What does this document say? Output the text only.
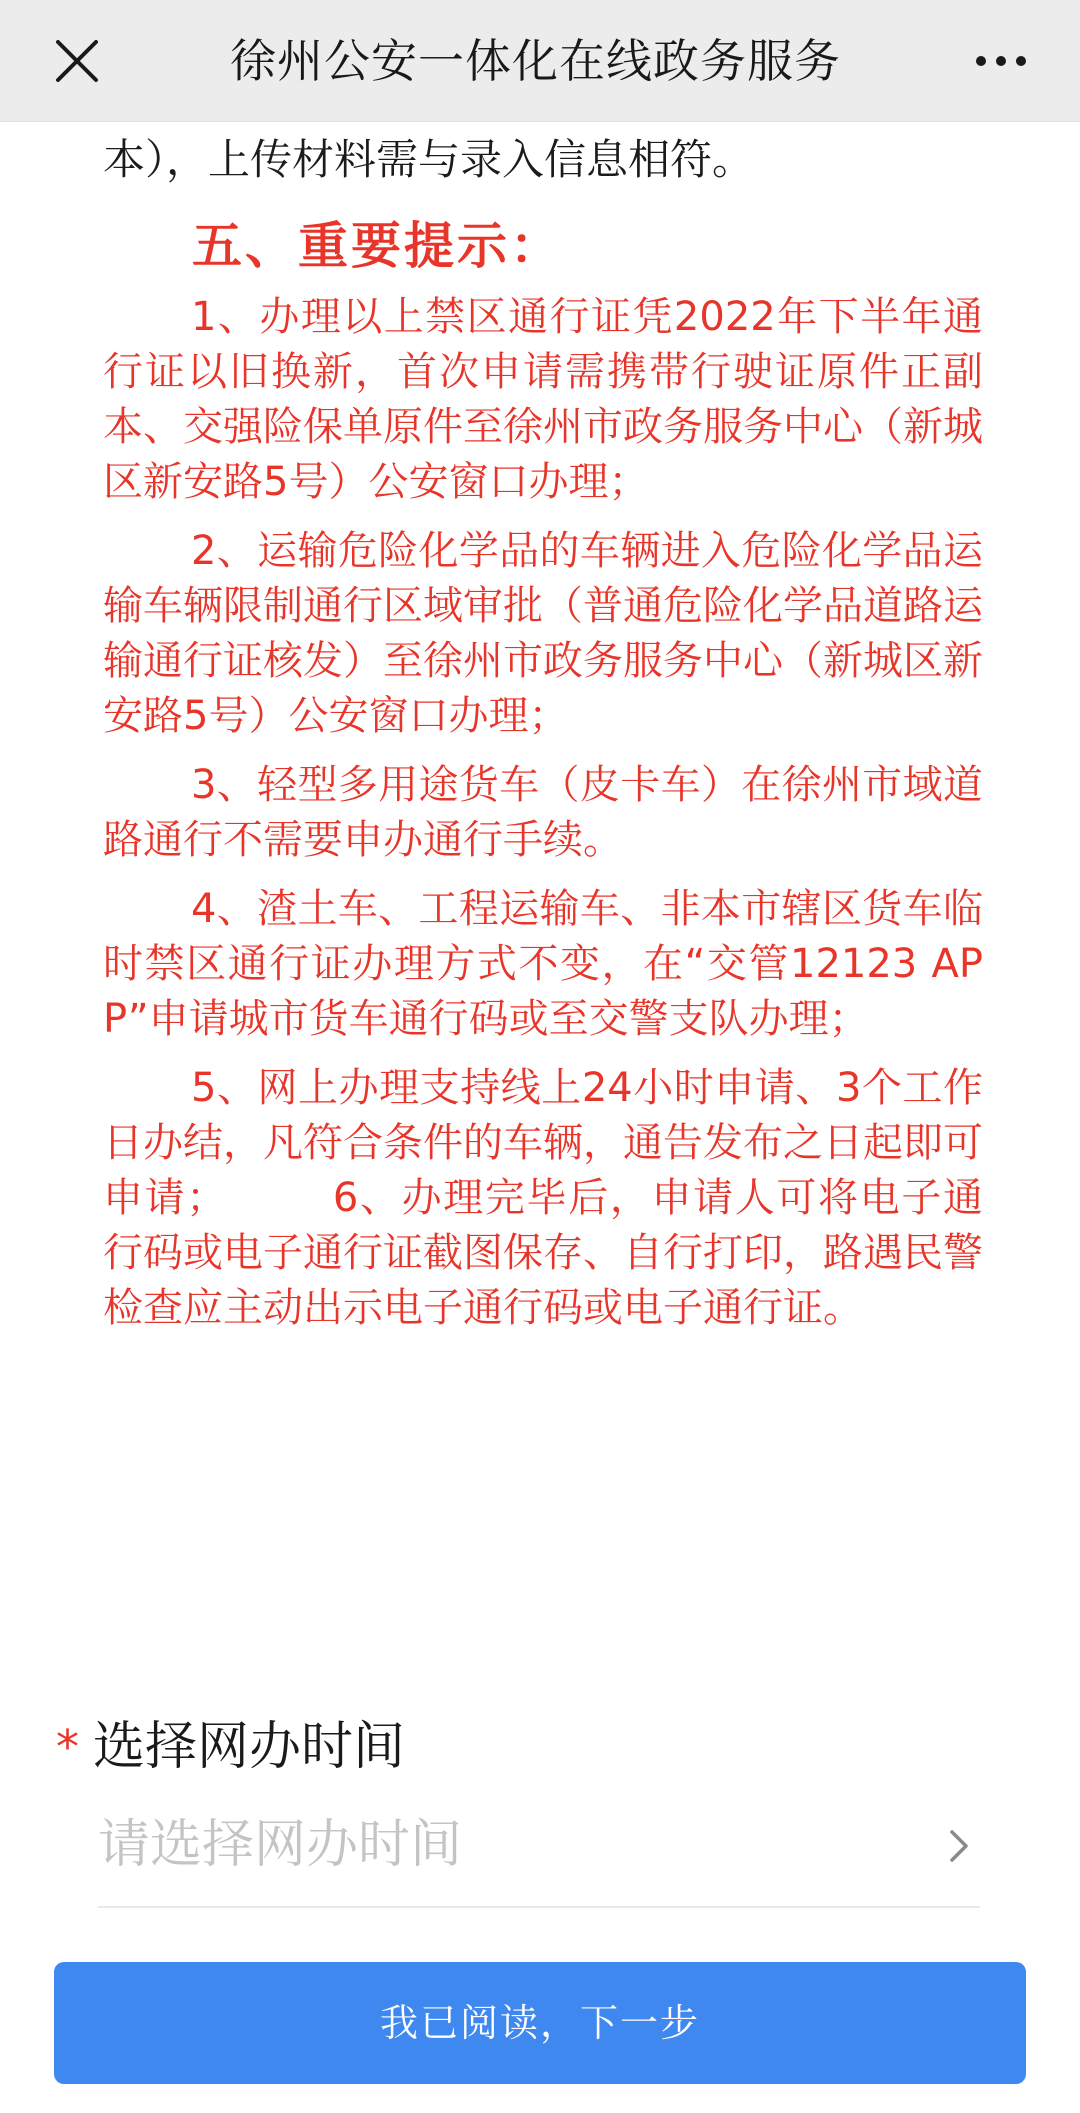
徐州公安一体化在线政务服务
本），上传材料需与录入信息相符。
五、重要提示：

1、办理以上禁区通行证凭2022年下半年通行证以旧换新，首次申请需携带行驶证原件正副本、交强险保单原件至徐州市政务服务中心（新城区新安路5号）公安窗口办理；

2、运输危险化学品的车辆进入危险化学品运输车辆限制通行区域审批（普通危险化学品道路运输通行证核发）至徐州市政务服务中心（新城区新安路5号）公安窗口办理；

3、轻型多用途货车（皮卡车）在徐州市域道路通行不需要申办通行手续。

4、渣土车、工程运输车、非本市辖区货车临时禁区通行证办理方式不变，在“交管12123 APP”申请城市货车通行码或至交警支队办理；

5、网上办理支持线上24小时申请、3个工作日办结，凡符合条件的车辆，通告发布之日起即可申请；　　　6、办理完毕后，申请人可将电子通行码或电子通行证截图保存、自行打印，路遇民警检查应主动出示电子通行码或电子通行证。

* 选择网办时间
请选择网办时间
我已阅读，下一步
